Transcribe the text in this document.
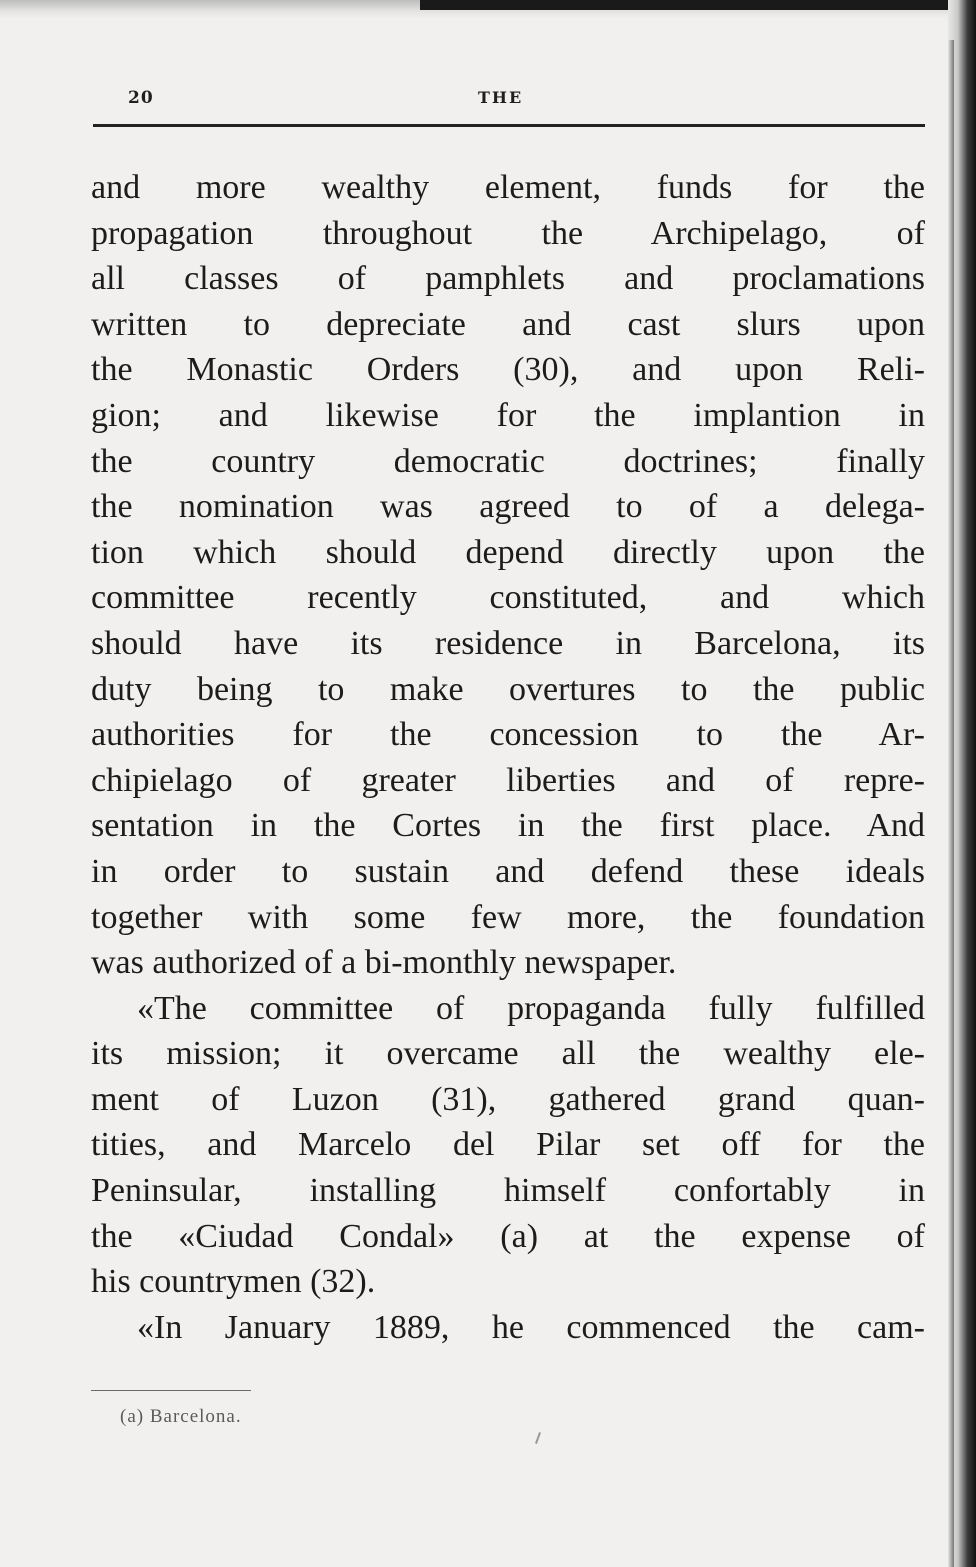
20	THE
and more wealthy element, funds for the
propagation throughout the Archipelago, of
all classes of pamphlets and proclamations
written to depreciate and cast slurs upon
the Monastic Orders (30), and upon Reli-
gion; and likewise for the implantion in
the country democratic doctrines; finally
the nomination was agreed to of a delega-
tion which should depend directly upon the
committee recently constituted, and which
should have its residence in Barcelona, its
duty being to make overtures to the public
authorities for the concession to the Ar-
chipielago of greater liberties and of repre-
sentation in the Cortes in the first place. And
in order to sustain and defend these ideals
together with some few more, the foundation
was authorized of a bi-monthly newspaper.
«The committee of propaganda fully fulfilled
its mission; it overcame all the wealthy ele-
ment of Luzon (31), gathered grand quan-
tities, and Marcelo del Pilar set off for the
Peninsular, installing himself confortably in
the «Ciudad Condal» (a) at the expense of
his countrymen (32).
«In January 1889, he commenced the cam-
(a) Barcelona.
